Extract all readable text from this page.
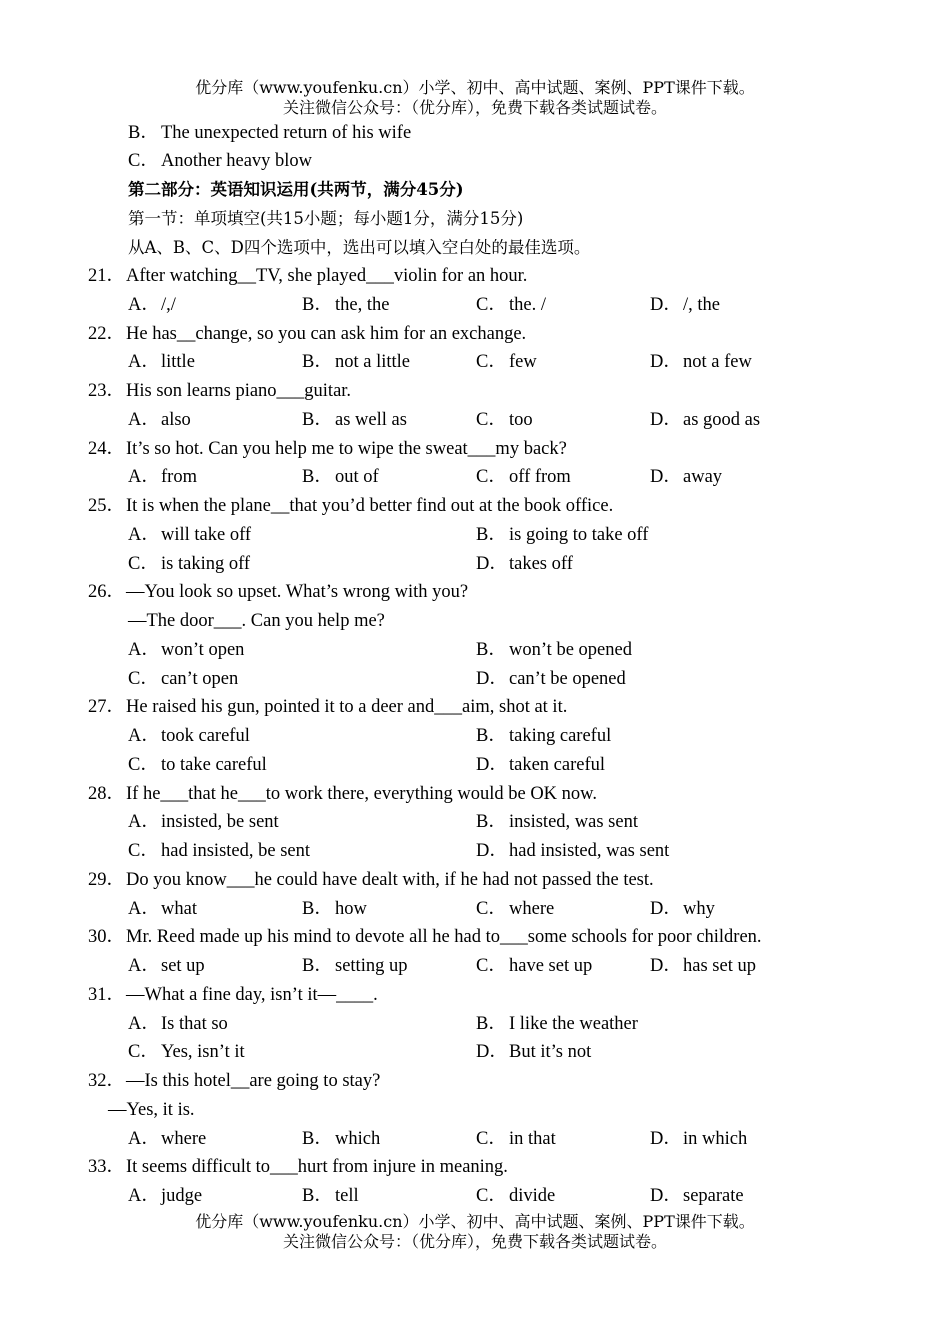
优分库（www.youfenku.cn）小学、初中、高中试题、案例、PPT课件下载。
关注微信公众号：（优分库），免费下载各类试题试卷。
B． The unexpected return of his wife
C． Another heavy blow
第二部分：英语知识运用(共两节，满分45分)
第一节：单项填空(共15小题；每小题1分，满分15分)
从A、B、C、D四个选项中，选出可以填入空白处的最佳选项。
21．After watching__TV, she played___violin for an hour.
A．/,/	B． the, the	C． the. /	D．/, the
22．He has__change, so you can ask him for an exchange.
A．little	B． not a little	C． few	D．not a few
23．His son learns piano___guitar.
A．also	B． as well as	C． too	D．as good as
24．It’s so hot. Can you help me to wipe the sweat___my back?
A．from	B． out of	C． off from	D．away
25．It is when the plane__that you’d better find out at the book office.
A．will take off	B． is going to take off
C． is taking off	D．takes off
26．—You look so upset. What’s wrong with you?
—The door___. Can you help me?
A．won’t open	B． won’t be opened
C． can’t open	D．can’t be opened
27．He raised his gun, pointed it to a deer and___aim, shot at it.
A．took careful	B． taking careful
C． to take careful	D．taken careful
28．If he___that he___to work there, everything would be OK now.
A．insisted, be sent	B． insisted, was sent
C． had insisted, be sent	D．had insisted, was sent
29．Do you know___he could have dealt with, if he had not passed the test.
A．what	B． how	C． where	D．why
30．Mr. Reed made up his mind to devote all he had to___some schools for poor children.
A．set up	B． setting up	C． have set up	D．has set up
31．—What a fine day, isn’t it—____.
A．Is that so	B． I like the weather
C． Yes, isn’t it	D．But it’s not
32．—Is this hotel__are going to stay?
—Yes, it is.
A．where	B． which	C． in that	D．in which
33．It seems difficult to___hurt from injure in meaning.
A．judge	B． tell	C． divide	D．separate
优分库（www.youfenku.cn）小学、初中、高中试题、案例、PPT课件下载。
关注微信公众号：（优分库），免费下载各类试题试卷。
